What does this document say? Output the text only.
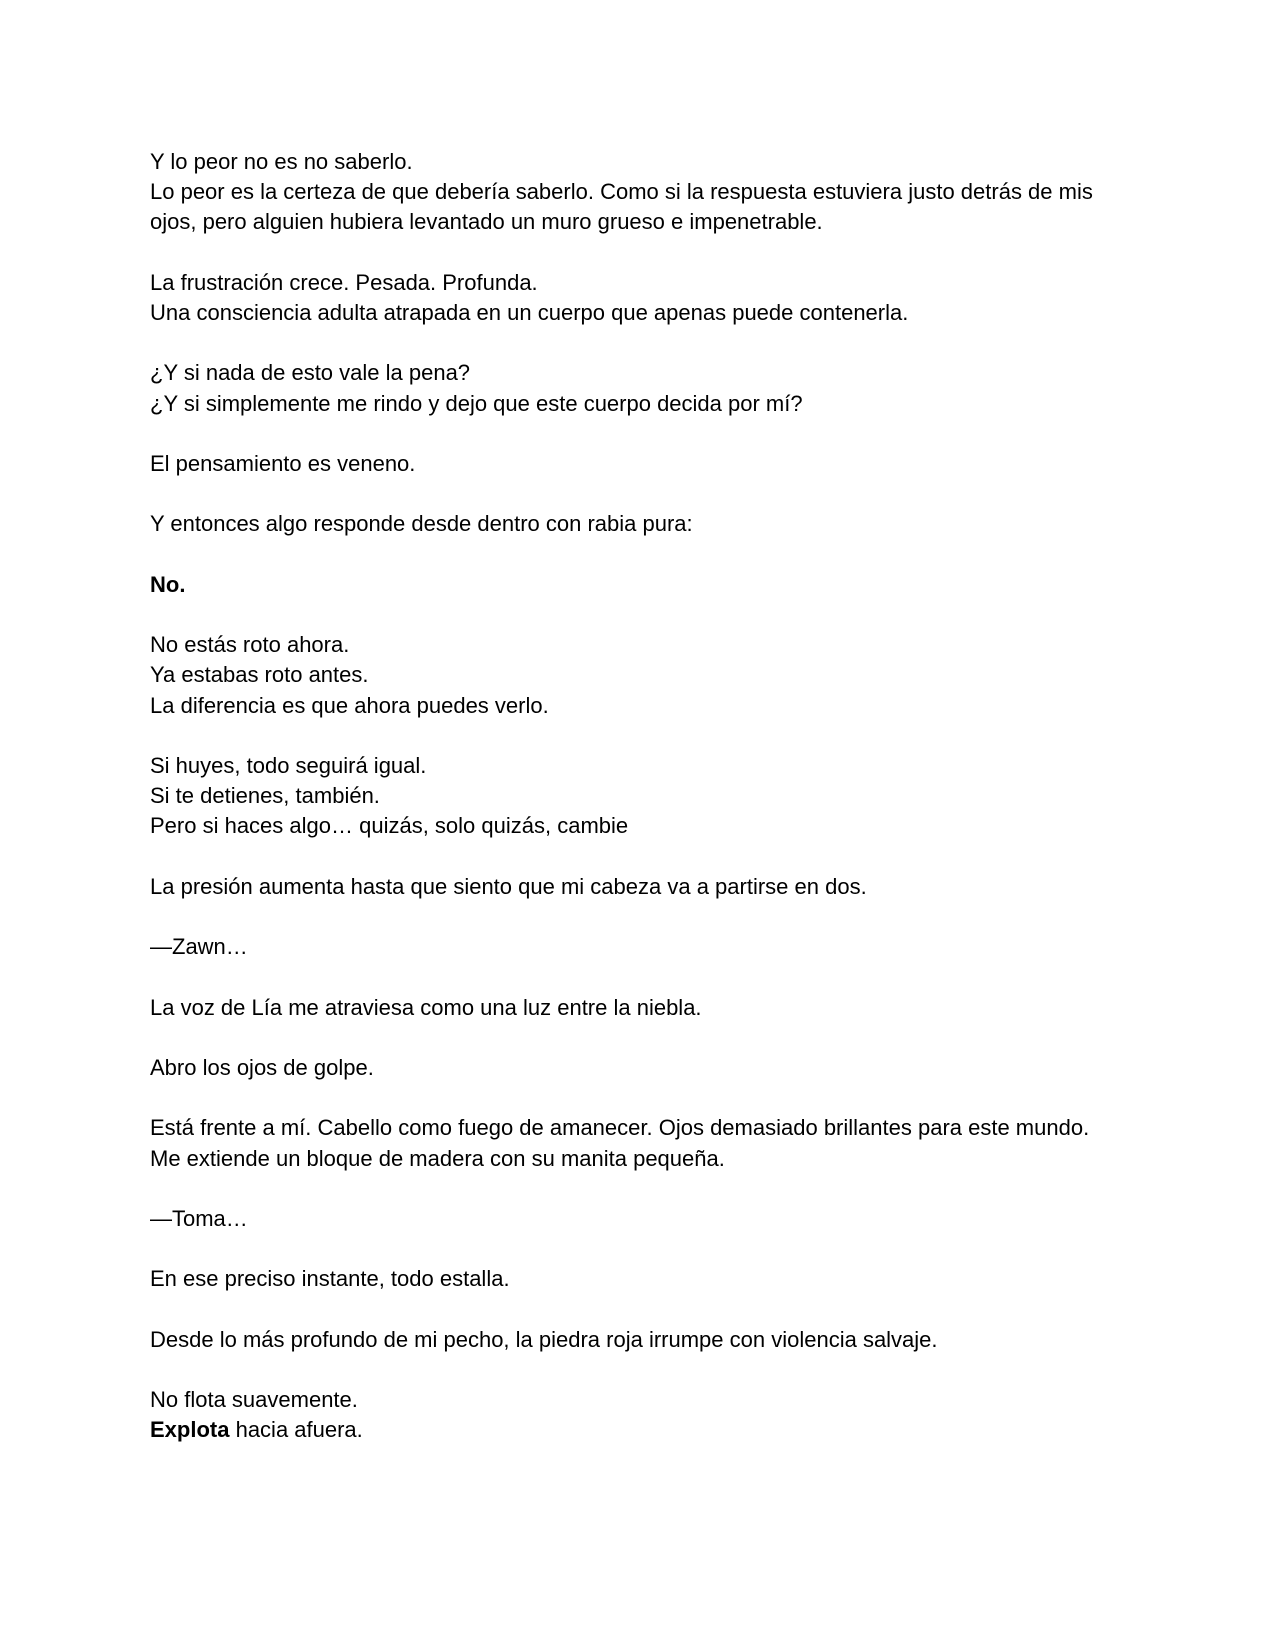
Y lo peor no es no saberlo.
Lo peor es la certeza de que debería saberlo. Como si la respuesta estuviera justo detrás de mis ojos, pero alguien hubiera levantado un muro grueso e impenetrable.

La frustración crece. Pesada. Profunda.
Una consciencia adulta atrapada en un cuerpo que apenas puede contenerla.

¿Y si nada de esto vale la pena?
¿Y si simplemente me rindo y dejo que este cuerpo decida por mí?

El pensamiento es veneno.

Y entonces algo responde desde dentro con rabia pura:

No.

No estás roto ahora.
Ya estabas roto antes.
La diferencia es que ahora puedes verlo.

Si huyes, todo seguirá igual.
Si te detienes, también.
Pero si haces algo… quizás, solo quizás, cambie

La presión aumenta hasta que siento que mi cabeza va a partirse en dos.

—Zawn…

La voz de Lía me atraviesa como una luz entre la niebla.

Abro los ojos de golpe.

Está frente a mí. Cabello como fuego de amanecer. Ojos demasiado brillantes para este mundo. Me extiende un bloque de madera con su manita pequeña.

—Toma…

En ese preciso instante, todo estalla.

Desde lo más profundo de mi pecho, la piedra roja irrumpe con violencia salvaje.

No flota suavemente.
Explota hacia afuera.
